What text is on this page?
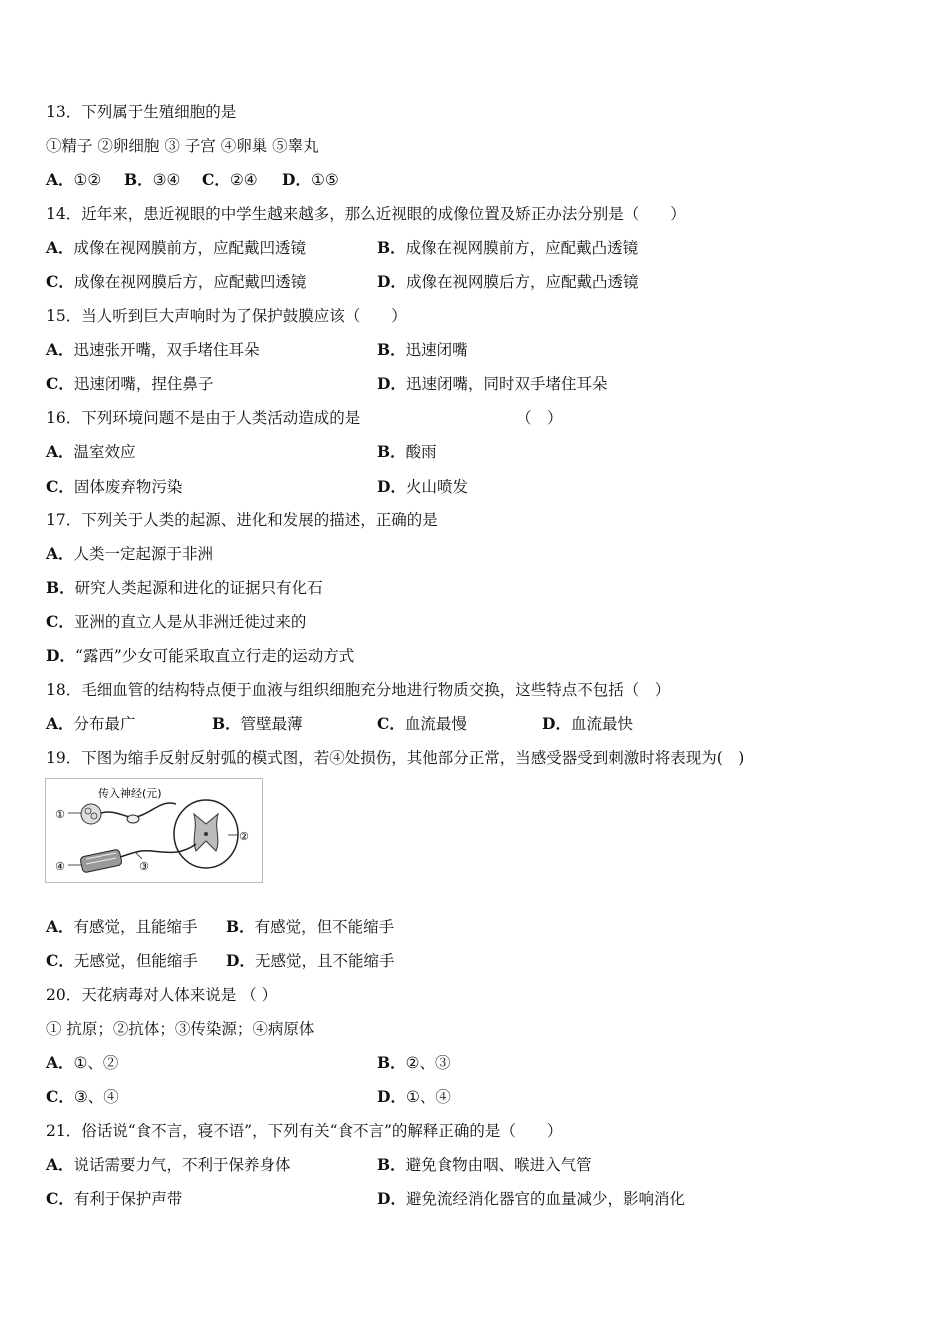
13．下列属于生殖细胞的是
①精子 ②卵细胞 ③ 子宫 ④卵巢 ⑤睾丸
A．①② B．③④ C．②④ D．①⑤
14．近年来，患近视眼的中学生越来越多，那么近视眼的成像位置及矫正办法分别是（　　）
A．成像在视网膜前方，应配戴凹透镜	B．成像在视网膜前方，应配戴凸透镜
C．成像在视网膜后方，应配戴凹透镜	D．成像在视网膜后方，应配戴凸透镜
15．当人听到巨大声响时为了保护鼓膜应该（　　）
A．迅速张开嘴，双手堵住耳朵	B．迅速闭嘴
C．迅速闭嘴，捏住鼻子	D．迅速闭嘴，同时双手堵住耳朵
16．下列环境问题不是由于人类活动造成的是	（　）
A．温室效应	B．酸雨
C．固体废弃物污染	D．火山喷发
17．下列关于人类的起源、进化和发展的描述，正确的是
A．人类一定起源于非洲
B．研究人类起源和进化的证据只有化石
C．亚洲的直立人是从非洲迁徙过来的
D．“露西”少女可能采取直立行走的运动方式
18．毛细血管的结构特点便于血液与组织细胞充分地进行物质交换，这些特点不包括（　）
A．分布最广	B．管壁最薄	C．血流最慢	D．血流最快
19．下图为缩手反射反射弧的模式图，若④处损伤，其他部分正常，当感受器受到刺激时将表现为(　)
传入神经(元)
①
②
③
④
A．有感觉，且能缩手 B．有感觉，但不能缩手
C．无感觉，但能缩手 D．无感觉，且不能缩手
20．天花病毒对人体来说是 （ ）
① 抗原；②抗体；③传染源；④病原体
A．①、②	B．②、③
C．③、④	D．①、④
21．俗话说“食不言，寝不语”，下列有关“食不言”的解释正确的是（　　）
A．说话需要力气，不利于保养身体	B．避免食物由咽、喉进入气管
C．有利于保护声带	D．避免流经消化器官的血量减少，影响消化
